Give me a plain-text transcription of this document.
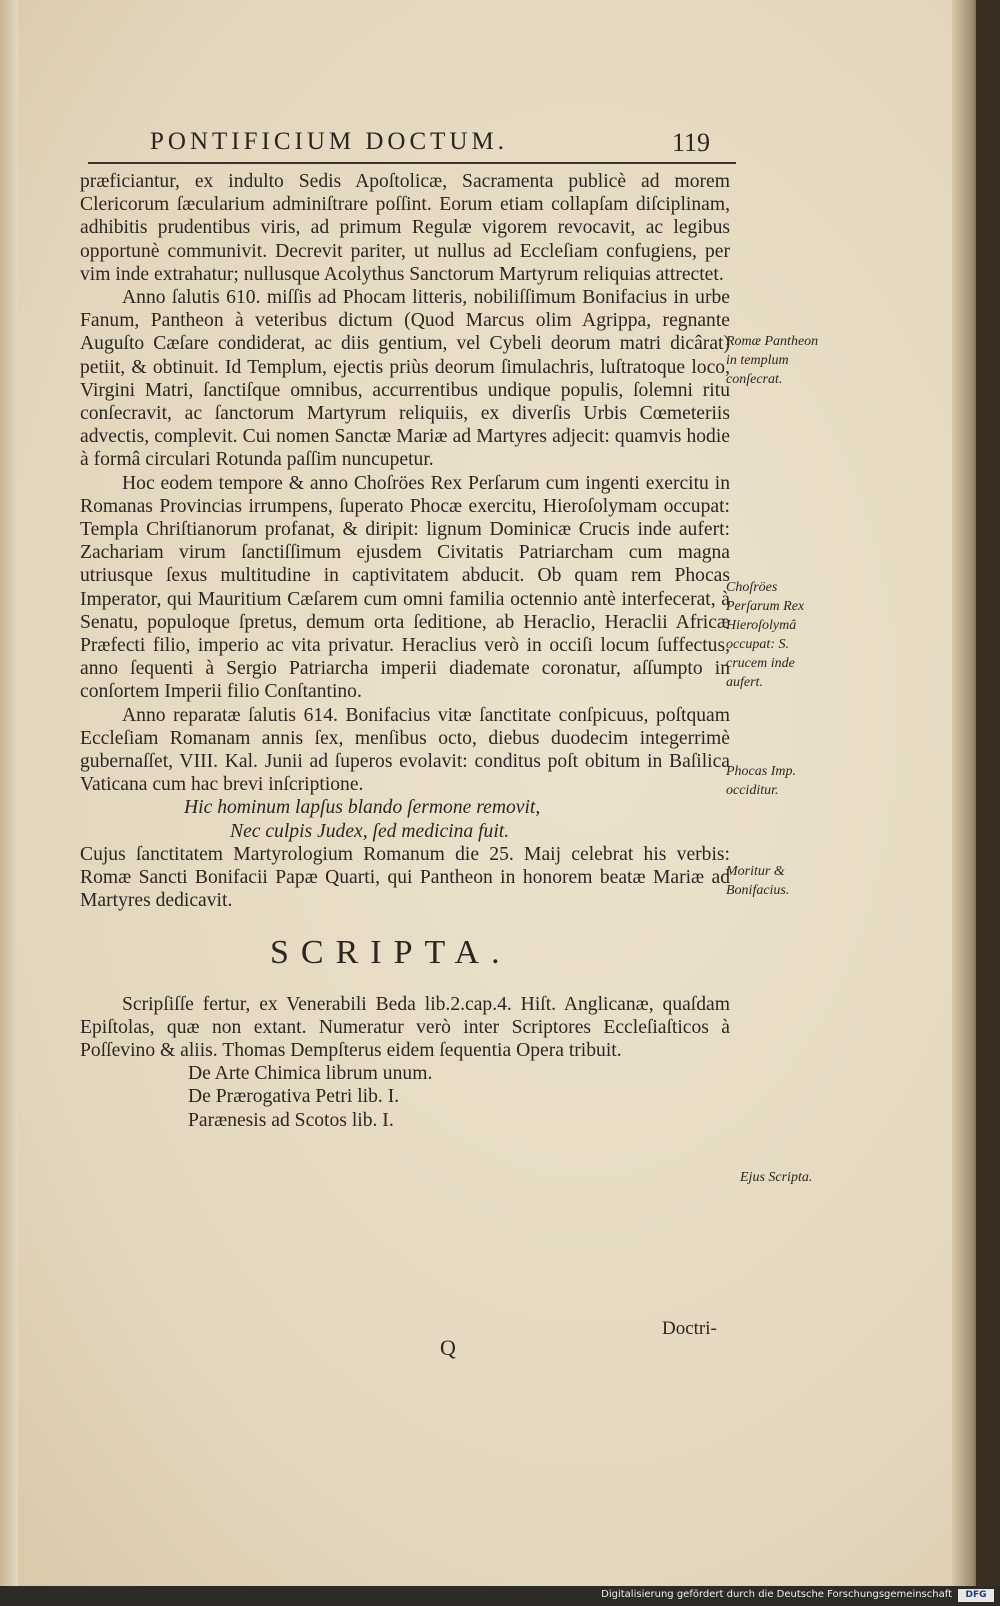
PONTIFICIUM DOCTUM.	119

præficiantur, ex indulto Sedis Apoſtolicæ, Sacramenta publicè ad morem Clericorum ſæcularium adminiſtrare poſſint. Eorum etiam collapſam diſciplinam, adhibitis prudentibus viris, ad primum Regulæ vigorem revocavit, ac legibus opportunè communivit. Decrevit pariter, ut nullus ad Eccleſiam confugiens, per vim inde extrahatur; nullusque Acolythus Sanctorum Martyrum reliquias attrectet.

Anno ſalutis 610. miſſis ad Phocam litteris, nobiliſſimum Bonifacius in urbe Fanum, Pantheon à veteribus dictum (Quod Marcus olim Agrippa, regnante Auguſto Cæſare condiderat, ac diis gentium, vel Cybeli deorum matri dicârat) petiit, & obtinuit. Id Templum, ejectis priùs deorum ſimulachris, luſtratoque loco, Virgini Matri, ſanctiſque omnibus, accurrentibus undique populis, ſolemni ritu conſecravit, ac ſanctorum Martyrum reliquiis, ex diverſis Urbis Cœmeteriis advectis, complevit. Cui nomen Sanctæ Mariæ ad Martyres adjecit: quamvis hodie à formâ circulari Rotunda paſſim nuncupetur.

Hoc eodem tempore & anno Choſröes Rex Perſarum cum ingenti exercitu in Romanas Provincias irrumpens, ſuperato Phocæ exercitu, Hieroſolymam occupat: Templa Chriſtianorum profanat, & diripit: lignum Dominicæ Crucis inde aufert: Zachariam virum ſanctiſſimum ejusdem Civitatis Patriarcham cum magna utriusque ſexus multitudine in captivitatem abducit. Ob quam rem Phocas Imperator, qui Mauritium Cæſarem cum omni familia octennio antè interfecerat, à Senatu, populoque ſpretus, demum orta ſeditione, ab Heraclio, Heraclii Africæ Præfecti filio, imperio ac vita privatur. Heraclius verò in occiſi locum ſuffectus, anno ſequenti à Sergio Patriarcha imperii diademate coronatur, aſſumpto in conſortem Imperii filio Conſtantino.

Anno reparatæ ſalutis 614. Bonifacius vitæ ſanctitate conſpicuus, poſtquam Eccleſiam Romanam annis ſex, menſibus octo, diebus duodecim integerrimè gubernaſſet, VIII. Kal. Junii ad ſuperos evolavit: conditus poſt obitum in Baſilica Vaticana cum hac brevi inſcriptione.

Hic hominum lapſus blando ſermone removit,

Nec culpis Judex, ſed medicina fuit.

Cujus ſanctitatem Martyrologium Romanum die 25. Maij celebrat his verbis: Romæ Sancti Bonifacii Papæ Quarti, qui Pantheon in honorem beatæ Mariæ ad Martyres dedicavit.

SCRIPTA.

Scripſiſſe fertur, ex Venerabili Beda lib.2.cap.4. Hiſt. Anglicanæ, quaſdam Epiſtolas, quæ non extant. Numeratur verò inter Scriptores Eccleſiaſticos à Poſſevino & aliis. Thomas Dempſterus eidem ſequentia Opera tribuit.

De Arte Chimica librum unum.

De Prærogativa Petri lib. I.

Parænesis ad Scotos lib. I.

Q
Doctri-
Romæ Pantheon in templum conſecrat.
Choſröes Perſarum Rex Hieroſolymâ occupat: S. crucem inde aufert.
Phocas Imp. occiditur.
Moritur & Bonifacius.
Ejus Scripta.
Digitalisierung gefördert durch die Deutsche Forschungsgemeinschaft	DFG
